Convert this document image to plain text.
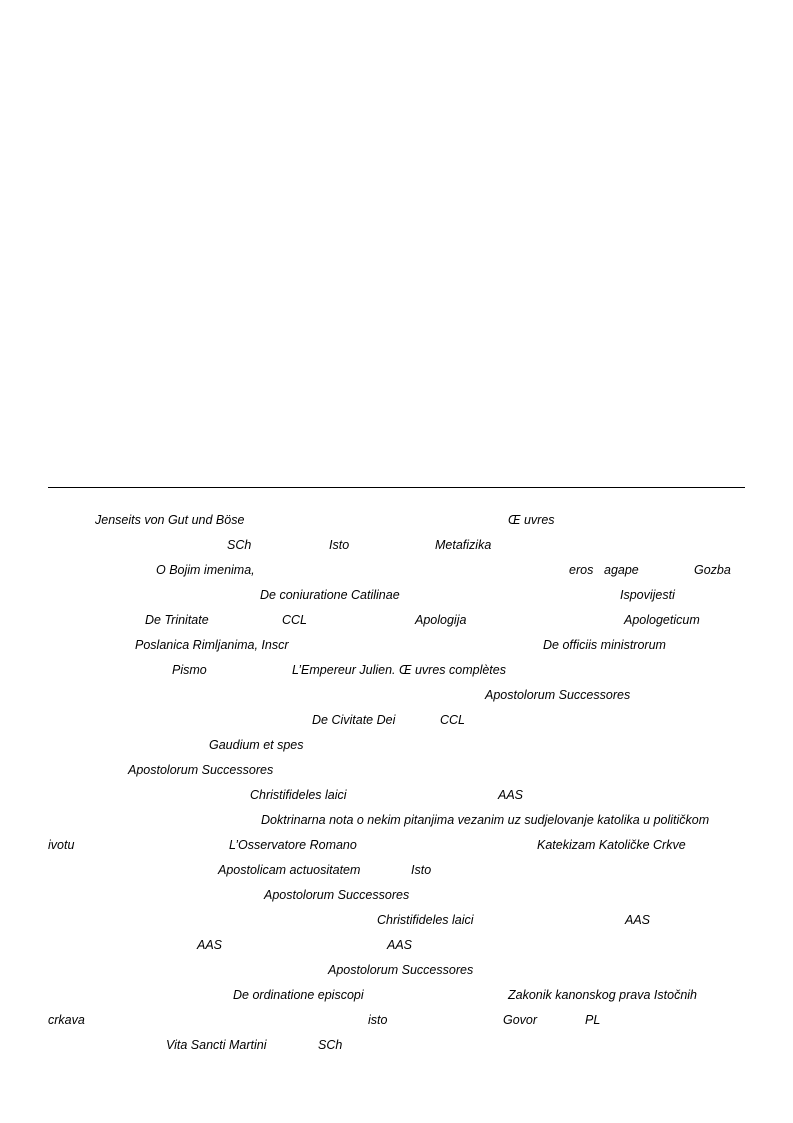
Jenseits von Gut und Böse	Œ uvres
SCh	Isto	Metafizika
O Bojim imenima,	eros agape	Gozba
De coniuratione Catilinae	Ispovijesti
De Trinitate	CCL	Apologija	Apologeticum
Poslanica Rimljanima, Inscr	De officiis ministrorum
Pismo	L’Empereur Julien. Œ uvres complètes
Apostolorum Successores
De Civitate Dei	CCL
Gaudium et spes
Apostolorum Successores
Christifideles laici	AAS
Doktrinarna nota o nekim pitanjima vezanim uz sudjelovanje katolika u političkom
ivotu	L’Osservatore Romano	Katekizam Katoličke Crkve
Apostolicam actuositatem	Isto
Apostolorum Successores
Christifideles laici	AAS
AAS	AAS
Apostolorum Successores
De ordinatione episcopi	Zakonik kanonskog prava Istočnih
crkava	isto	Govor	PL
Vita Sancti Martini	SCh
